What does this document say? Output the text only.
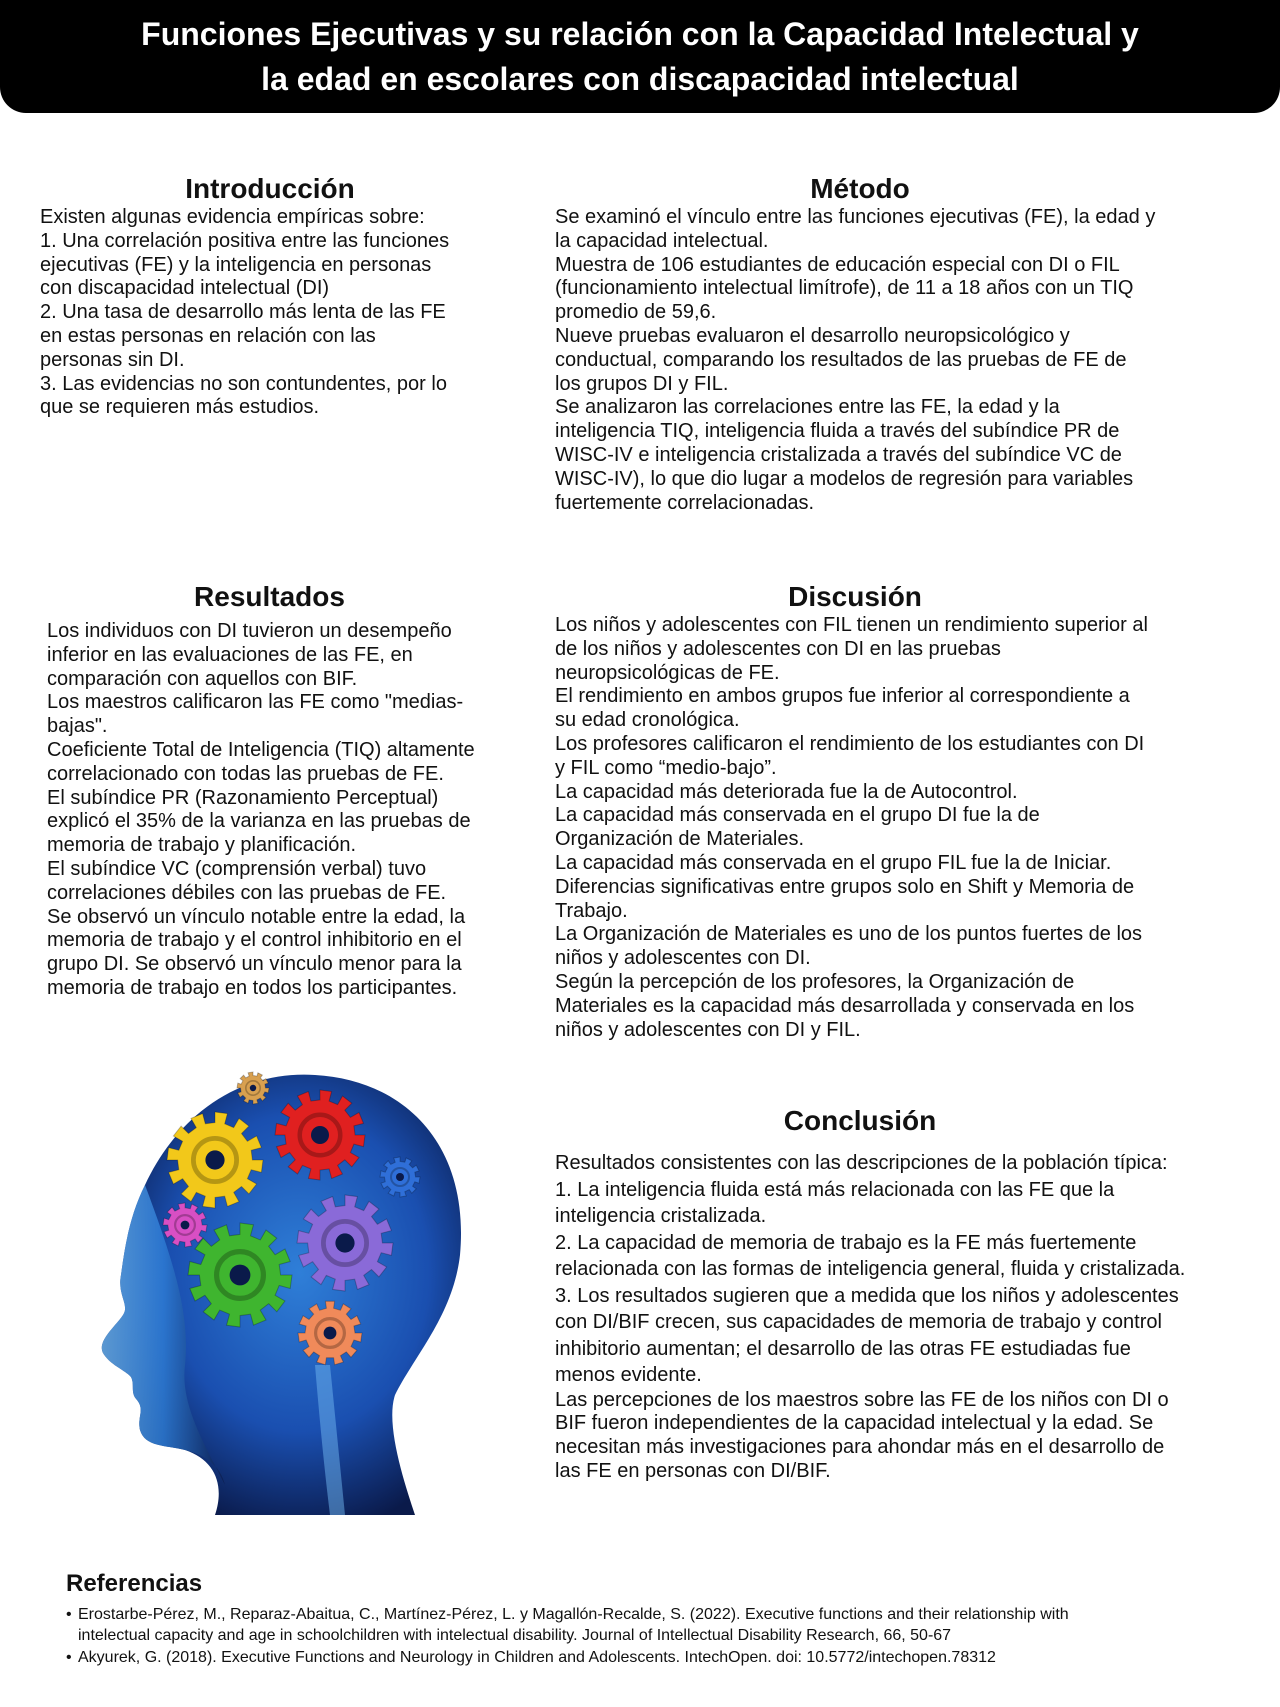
Funciones Ejecutivas y su relación con la Capacidad Intelectual y
la edad en escolares con discapacidad intelectual
Introducción
Existen algunas evidencia empíricas sobre:
1. Una correlación positiva entre las funciones
ejecutivas (FE) y la inteligencia en personas
con discapacidad intelectual (DI)
2. Una tasa de desarrollo más lenta de las FE
en estas personas en relación con las
personas sin DI.
3. Las evidencias no son contundentes, por lo
que se requieren más estudios.
Método
Se examinó el vínculo entre las funciones ejecutivas (FE), la edad y
la capacidad intelectual.
Muestra de 106 estudiantes de educación especial con DI o FIL
(funcionamiento intelectual limítrofe), de 11 a 18 años con un TIQ
promedio de 59,6.
Nueve pruebas evaluaron el desarrollo neuropsicológico y
conductual, comparando los resultados de las pruebas de FE de
los grupos DI y FIL.
Se analizaron las correlaciones entre las FE, la edad y la
inteligencia TIQ, inteligencia fluida a través del subíndice PR de
WISC-IV e inteligencia cristalizada a través del subíndice VC de
WISC-IV), lo que dio lugar a modelos de regresión para variables
fuertemente correlacionadas.
Resultados
Los individuos con DI tuvieron un desempeño
inferior en las evaluaciones de las FE, en
comparación con aquellos con BIF.
Los maestros calificaron las FE como "medias-
bajas".
Coeficiente Total de Inteligencia (TIQ) altamente
correlacionado con todas las pruebas de FE.
El subíndice PR (Razonamiento Perceptual)
explicó el 35% de la varianza en las pruebas de
memoria de trabajo y planificación.
El subíndice VC (comprensión verbal) tuvo
correlaciones débiles con las pruebas de FE.
Se observó un vínculo notable entre la edad, la
memoria de trabajo y el control inhibitorio en el
grupo DI. Se observó un vínculo menor para la
memoria de trabajo en todos los participantes.
Discusión
Los niños y adolescentes con FIL tienen un rendimiento superior al
de los niños y adolescentes con DI en las pruebas
neuropsicológicas de FE.
El rendimiento en ambos grupos fue inferior al correspondiente a
su edad cronológica.
Los profesores calificaron el rendimiento de los estudiantes con DI
y FIL como “medio-bajo”.
La capacidad más deteriorada fue la de Autocontrol.
La capacidad más conservada en el grupo DI fue la de
Organización de Materiales.
La capacidad más conservada en el grupo FIL fue la de Iniciar.
Diferencias significativas entre grupos solo en Shift y Memoria de
Trabajo.
La Organización de Materiales es uno de los puntos fuertes de los
niños y adolescentes con DI.
Según la percepción de los profesores, la Organización de
Materiales es la capacidad más desarrollada y conservada en los
niños y adolescentes con DI y FIL.
Conclusión
Resultados consistentes con las descripciones de la población típica:
1. La inteligencia fluida está más relacionada con las FE que la
inteligencia cristalizada.
2. La capacidad de memoria de trabajo es la FE más fuertemente
relacionada con las formas de inteligencia general, fluida y cristalizada.
3. Los resultados sugieren que a medida que los niños y adolescentes
con DI/BIF crecen, sus capacidades de memoria de trabajo y control
inhibitorio aumentan; el desarrollo de las otras FE estudiadas fue
menos evidente.
Las percepciones de los maestros sobre las FE de los niños con DI o
BIF fueron independientes de la capacidad intelectual y la edad. Se
necesitan más investigaciones para ahondar más en el desarrollo de
las FE en personas con DI/BIF.
Referencias
• Erostarbe-Pérez, M., Reparaz-Abaitua, C., Martínez-Pérez, L. y Magallón-Recalde, S. (2022). Executive functions and their relationship with
intelectual capacity and age in schoolchildren with intelectual disability. Journal of Intellectual Disability Research, 66, 50-67
• Akyurek, G. (2018). Executive Functions and Neurology in Children and Adolescents. IntechOpen. doi: 10.5772/intechopen.78312
